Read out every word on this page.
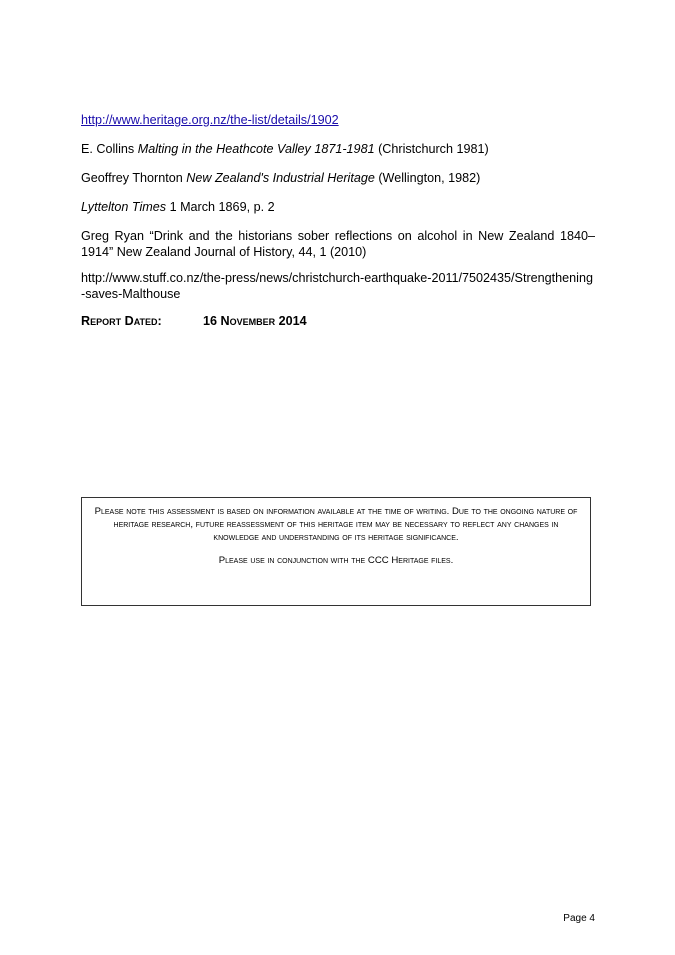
http://www.heritage.org.nz/the-list/details/1902

E. Collins Malting in the Heathcote Valley 1871-1981 (Christchurch 1981)

Geoffrey Thornton New Zealand's Industrial Heritage (Wellington, 1982)

Lyttelton Times 1 March 1869, p. 2

Greg Ryan “Drink and the historians sober reflections on alcohol in New Zealand 1840–1914” New Zealand Journal of History, 44, 1 (2010)

http://www.stuff.co.nz/the-press/news/christchurch-earthquake-2011/7502435/Strengthening-saves-Malthouse

Report Dated:	16 November 2014

Please note this assessment is based on information available at the time of writing. Due to the ongoing nature of heritage research, future reassessment of this heritage item may be necessary to reflect any changes in knowledge and understanding of its heritage significance.

Please use in conjunction with the CCC Heritage files.

Page 4
